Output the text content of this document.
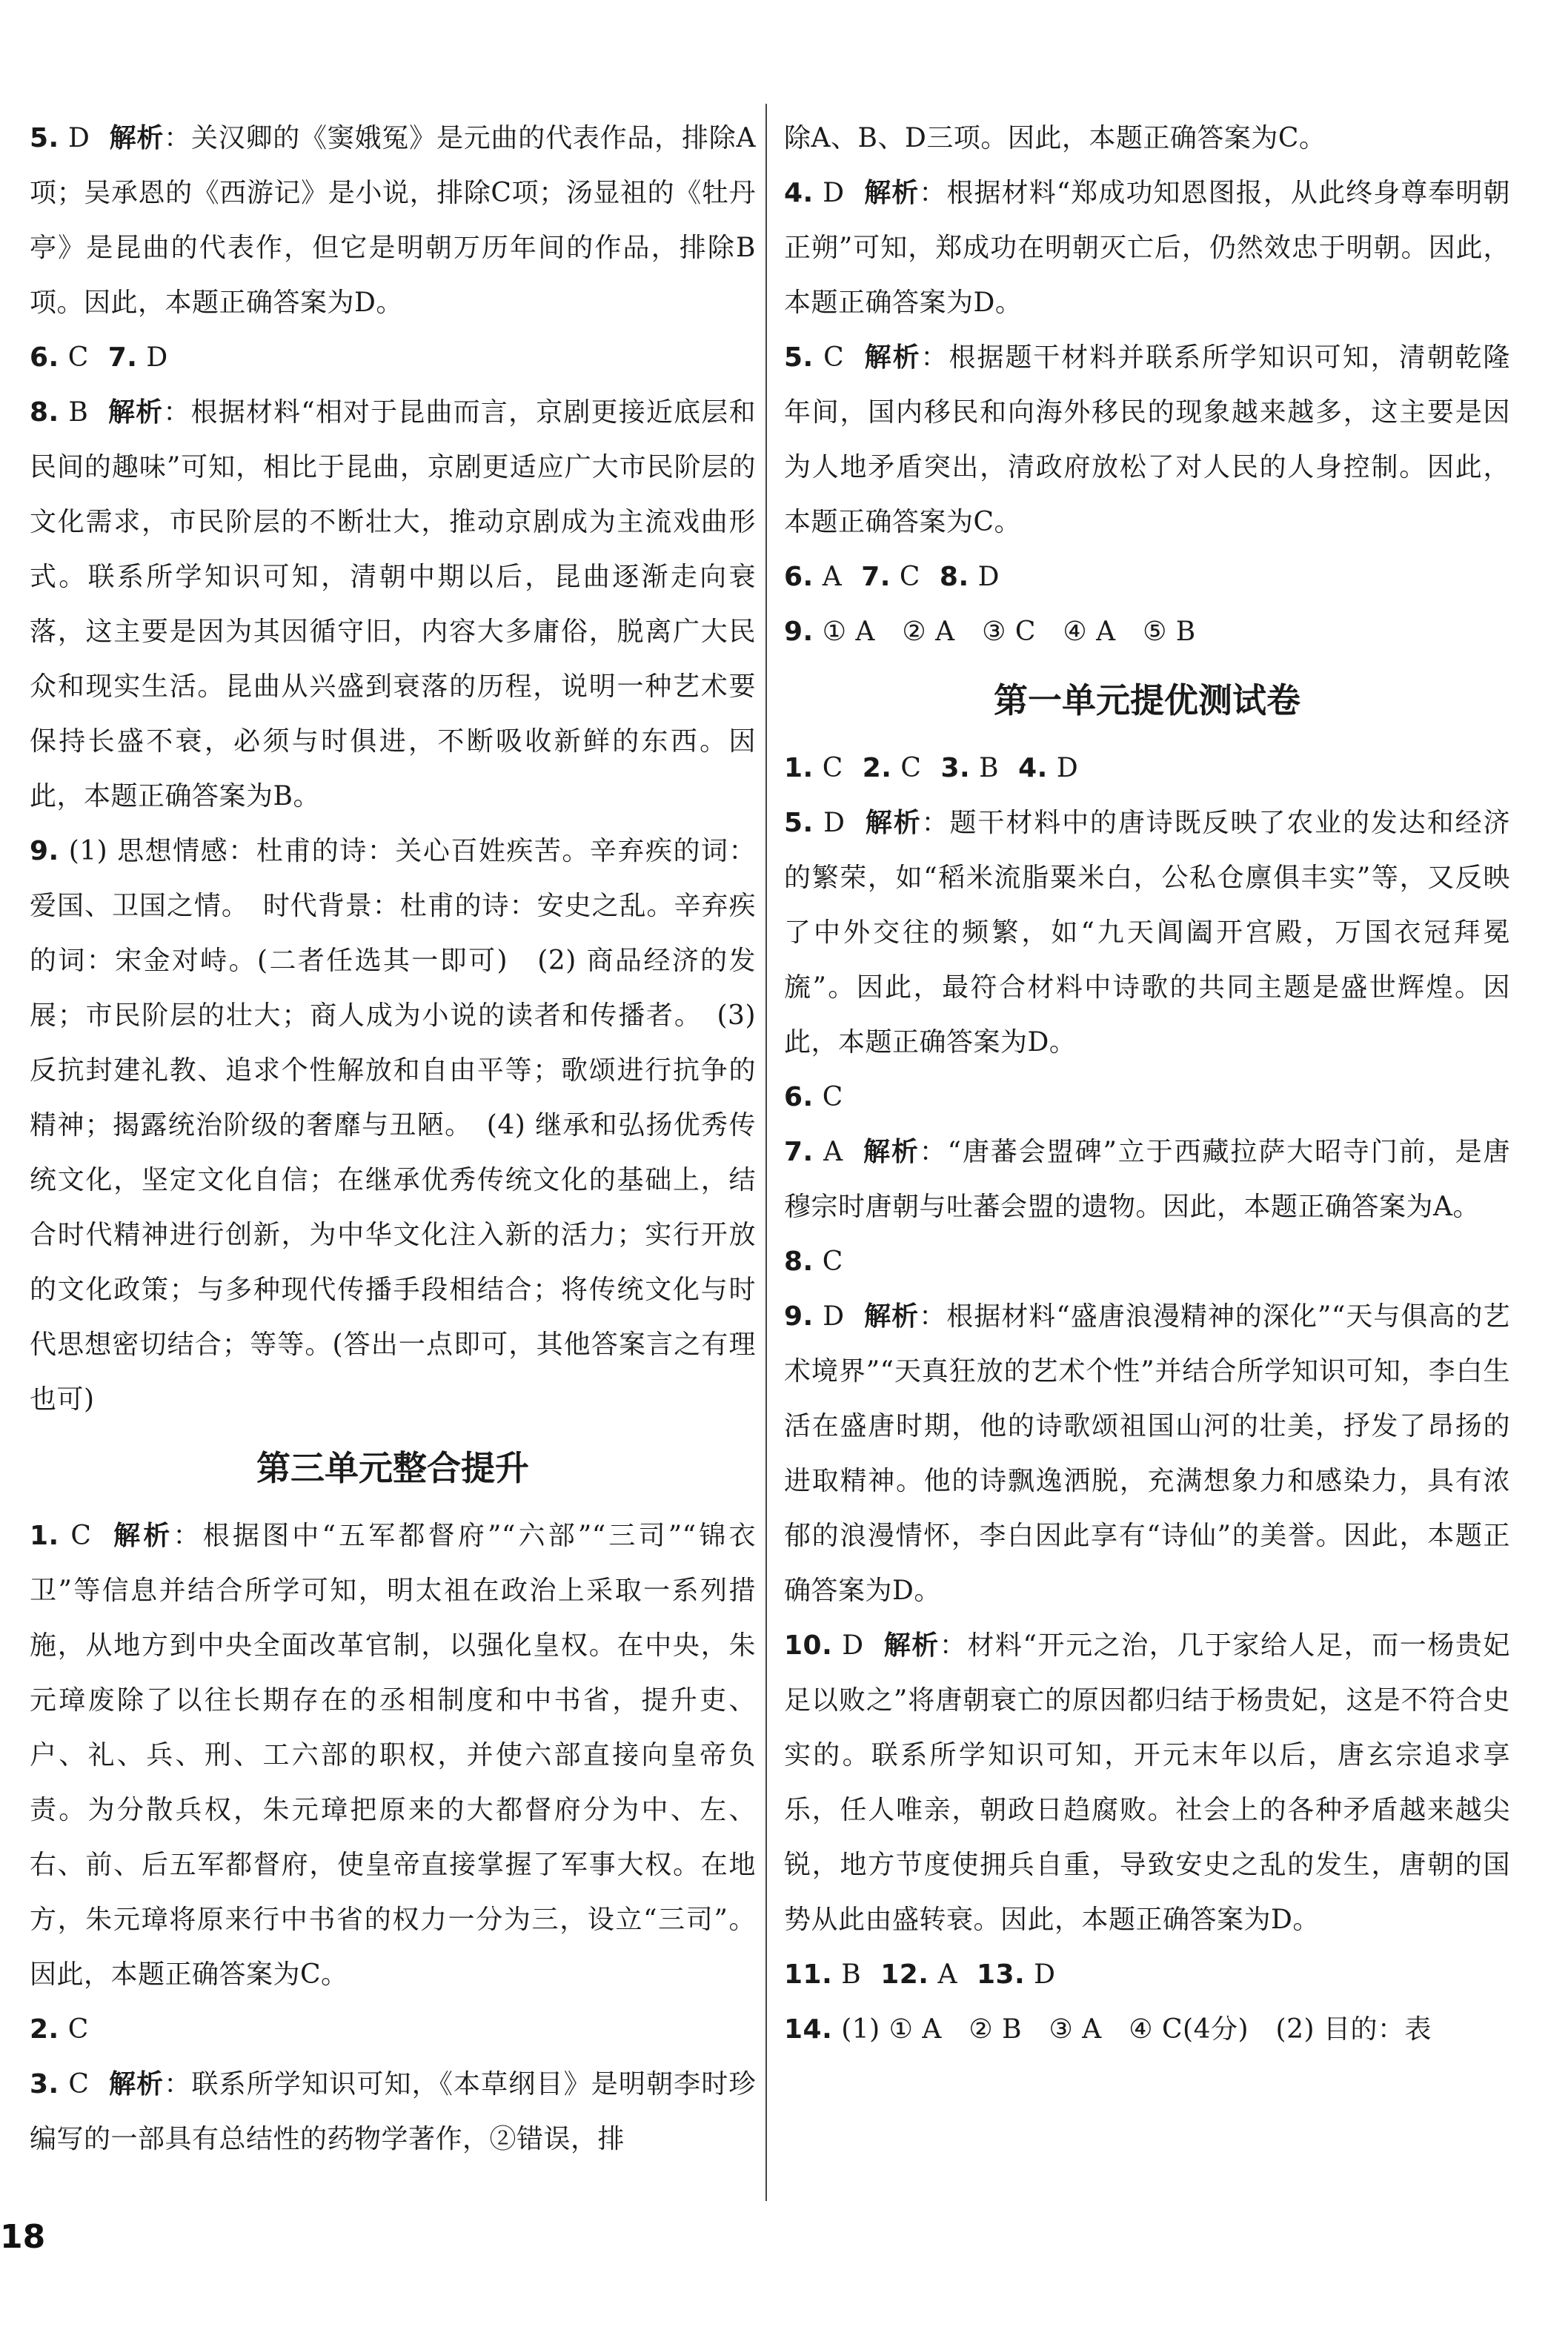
5. D 解析：关汉卿的《窦娥冤》是元曲的代表作品，排除A项；吴承恩的《西游记》是小说，排除C项；汤显祖的《牡丹亭》是昆曲的代表作，但它是明朝万历年间的作品，排除B项。因此，本题正确答案为D。

6. C 7. D

8. B 解析：根据材料“相对于昆曲而言，京剧更接近底层和民间的趣味”可知，相比于昆曲，京剧更适应广大市民阶层的文化需求，市民阶层的不断壮大，推动京剧成为主流戏曲形式。联系所学知识可知，清朝中期以后，昆曲逐渐走向衰落，这主要是因为其因循守旧，内容大多庸俗，脱离广大民众和现实生活。昆曲从兴盛到衰落的历程，说明一种艺术要保持长盛不衰，必须与时俱进，不断吸收新鲜的东西。因此，本题正确答案为B。

9. (1) 思想情感：杜甫的诗：关心百姓疾苦。辛弃疾的词：爱国、卫国之情。　时代背景：杜甫的诗：安史之乱。辛弃疾的词：宋金对峙。(二者任选其一即可)　(2) 商品经济的发展；市民阶层的壮大；商人成为小说的读者和传播者。　(3) 反抗封建礼教、追求个性解放和自由平等；歌颂进行抗争的精神；揭露统治阶级的奢靡与丑陋。　(4) 继承和弘扬优秀传统文化，坚定文化自信；在继承优秀传统文化的基础上，结合时代精神进行创新，为中华文化注入新的活力；实行开放的文化政策；与多种现代传播手段相结合；将传统文化与时代思想密切结合；等等。(答出一点即可，其他答案言之有理也可)

第三单元整合提升

1. C 解析：根据图中“五军都督府”“六部”“三司”“锦衣卫”等信息并结合所学可知，明太祖在政治上采取一系列措施，从地方到中央全面改革官制，以强化皇权。在中央，朱元璋废除了以往长期存在的丞相制度和中书省，提升吏、户、礼、兵、刑、工六部的职权，并使六部直接向皇帝负责。为分散兵权，朱元璋把原来的大都督府分为中、左、右、前、后五军都督府，使皇帝直接掌握了军事大权。在地方，朱元璋将原来行中书省的权力一分为三，设立“三司”。因此，本题正确答案为C。

2. C

3. C 解析：联系所学知识可知，《本草纲目》是明朝李时珍编写的一部具有总结性的药物学著作，②错误，排

除A、B、D三项。因此，本题正确答案为C。

4. D 解析：根据材料“郑成功知恩图报，从此终身尊奉明朝正朔”可知，郑成功在明朝灭亡后，仍然效忠于明朝。因此，本题正确答案为D。

5. C 解析：根据题干材料并联系所学知识可知，清朝乾隆年间，国内移民和向海外移民的现象越来越多，这主要是因为人地矛盾突出，清政府放松了对人民的人身控制。因此，本题正确答案为C。

6. A 7. C 8. D

9. ① A　② A　③ C　④ A　⑤ B

第一单元提优测试卷

1. C 2. C 3. B 4. D

5. D 解析：题干材料中的唐诗既反映了农业的发达和经济的繁荣，如“稻米流脂粟米白，公私仓廪俱丰实”等，又反映了中外交往的频繁，如“九天阊阖开宫殿，万国衣冠拜冕旒”。因此，最符合材料中诗歌的共同主题是盛世辉煌。因此，本题正确答案为D。

6. C

7. A 解析：“唐蕃会盟碑”立于西藏拉萨大昭寺门前，是唐穆宗时唐朝与吐蕃会盟的遗物。因此，本题正确答案为A。

8. C

9. D 解析：根据材料“盛唐浪漫精神的深化”“天与俱高的艺术境界”“天真狂放的艺术个性”并结合所学知识可知，李白生活在盛唐时期，他的诗歌颂祖国山河的壮美，抒发了昂扬的进取精神。他的诗飘逸洒脱，充满想象力和感染力，具有浓郁的浪漫情怀，李白因此享有“诗仙”的美誉。因此，本题正确答案为D。

10. D 解析：材料“开元之治，几于家给人足，而一杨贵妃足以败之”将唐朝衰亡的原因都归结于杨贵妃，这是不符合史实的。联系所学知识可知，开元末年以后，唐玄宗追求享乐，任人唯亲，朝政日趋腐败。社会上的各种矛盾越来越尖锐，地方节度使拥兵自重，导致安史之乱的发生，唐朝的国势从此由盛转衰。因此，本题正确答案为D。

11. B 12. A 13. D

14. (1) ① A　② B　③ A　④ C(4分)　(2) 目的：表

18
